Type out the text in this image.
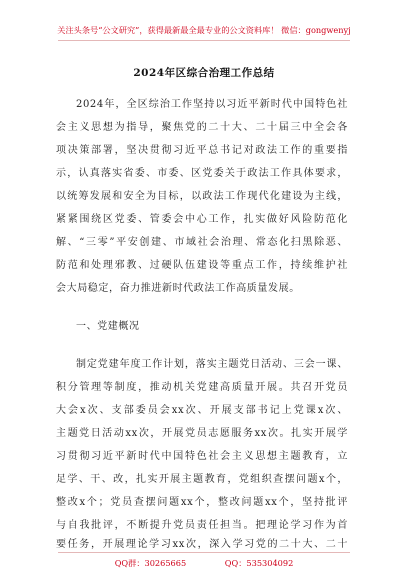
关注头条号“公文研究”，获得最新最全最专业的公文资料库！ 微信：gongwenyj
2024年区综合治理工作总结
2024年，全区综治工作坚持以习近平新时代中国特色社
会主义思想为指导，聚焦党的二十大、二十届三中全会各
项决策部署，坚决贯彻习近平总书记对政法工作的重要指
示，认真落实省委、市委、区党委关于政法工作具体要求，
以统筹发展和安全为目标，以政法工作现代化建设为主线，
紧紧围绕区党委、管委会中心工作，扎实做好风险防范化
解、“三零”平安创建、市域社会治理、常态化扫黑除恶、
防范和处理邪教、过硬队伍建设等重点工作，持续维护社
会大局稳定，奋力推进新时代政法工作高质量发展。
一、党建概况
制定党建年度工作计划，落实主题党日活动、三会一课、
积分管理等制度，推动机关党建高质量开展。共召开党员
大会x次、支部委员会xx次、开展支部书记上党课x次、
主题党日活动xx次，开展党员志愿服务xx次。扎实开展学
习贯彻习近平新时代中国特色社会主义思想主题教育，立
足学、干、改，扎实开展主题教育，党组织查摆问题x个，
整改x个；党员查摆问题xx个，整改问题xx个，坚持批评
与自我批评，不断提升党员责任担当。把理论学习作为首
要任务，开展理论学习xx次，深入学习党的二十大、二十
QQ群：30265665	QQ：535304092
